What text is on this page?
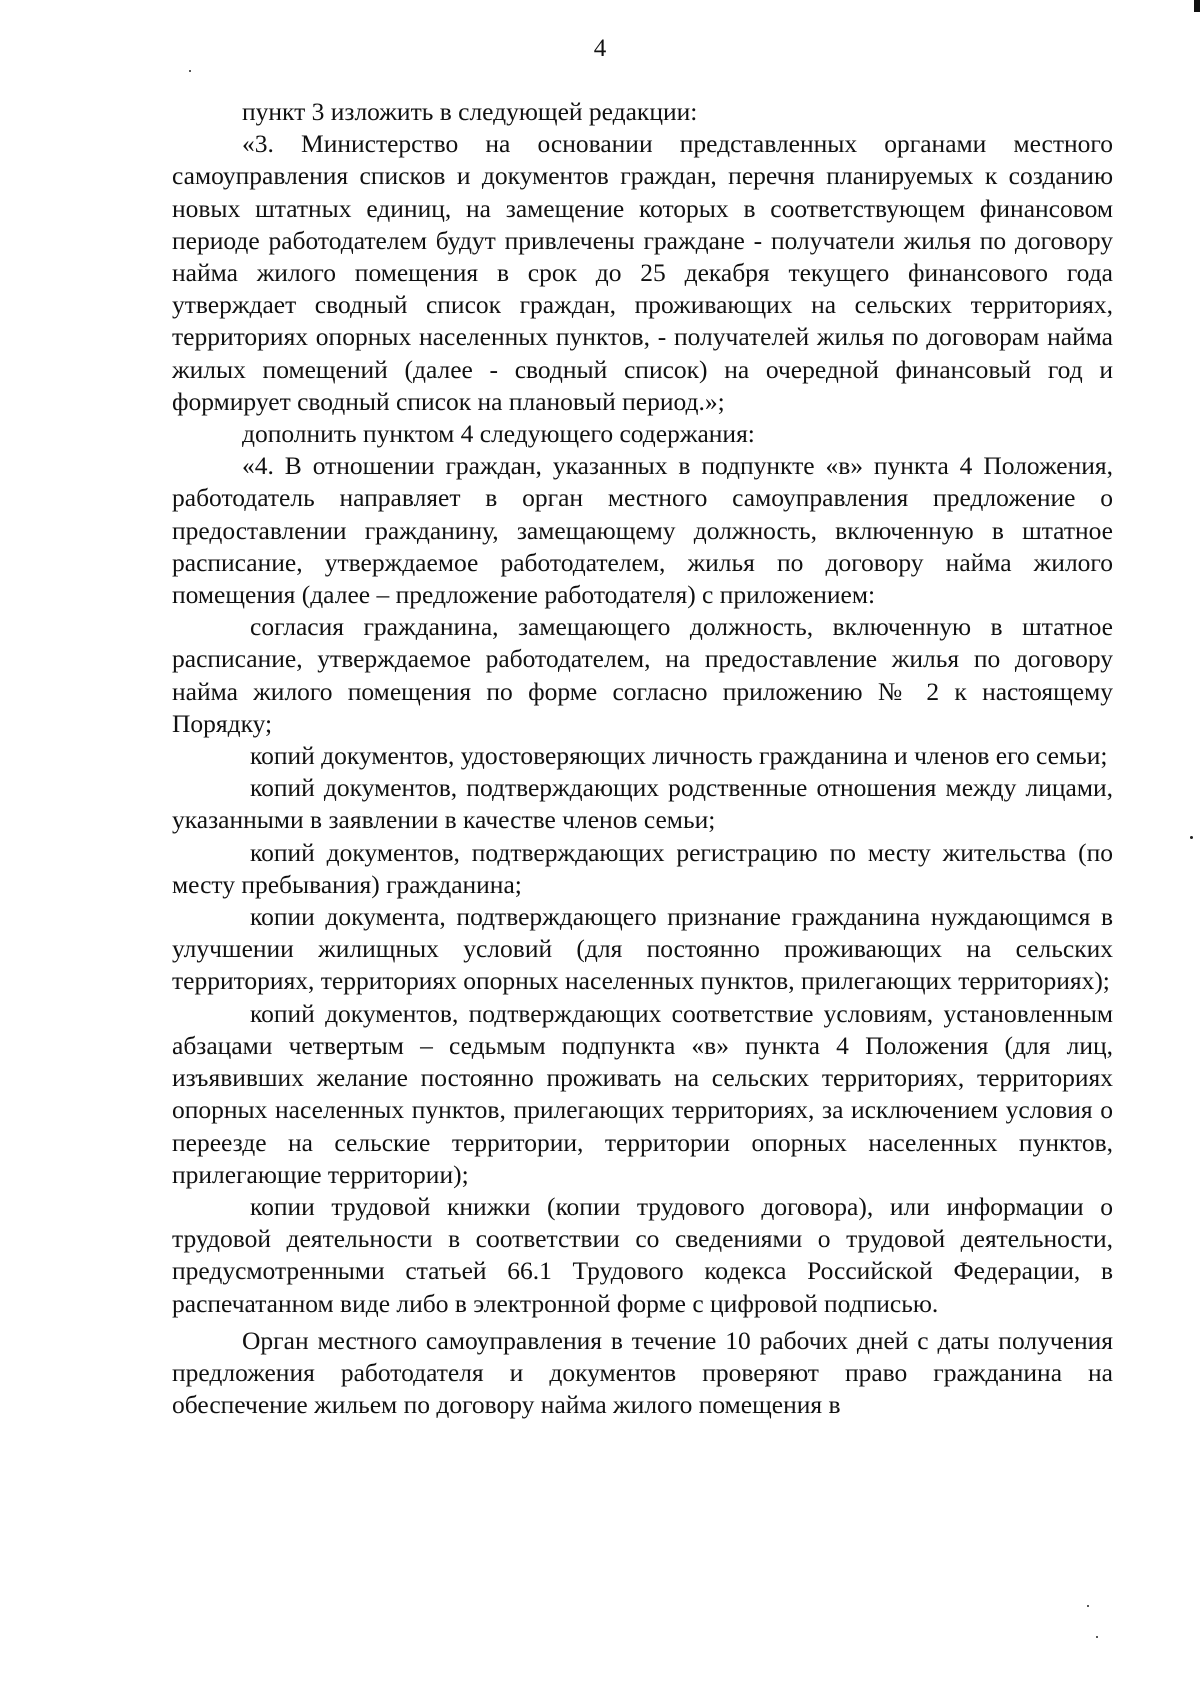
4

пункт 3 изложить в следующей редакции:

«3. Министерство на основании представленных органами местного самоуправления списков и документов граждан, перечня планируемых к созданию новых штатных единиц, на замещение которых в соответствующем финансовом периоде работодателем будут привлечены граждане - получатели жилья по договору найма жилого помещения в срок до 25 декабря текущего финансового года утверждает сводный список граждан, проживающих на сельских территориях, территориях опорных населенных пунктов, - получателей жилья по договорам найма жилых помещений (далее - сводный список) на очередной финансовый год и формирует сводный список на плановый период.»;

дополнить пунктом 4 следующего содержания:

«4. В отношении граждан, указанных в подпункте «в» пункта 4 Положения, работодатель направляет в орган местного самоуправления предложение о предоставлении гражданину, замещающему должность, включенную в штатное расписание, утверждаемое работодателем, жилья по договору найма жилого помещения (далее – предложение работодателя) с приложением:

согласия гражданина, замещающего должность, включенную в штатное расписание, утверждаемое работодателем, на предоставление жилья по договору найма жилого помещения по форме согласно приложению № 2 к настоящему Порядку;

копий документов, удостоверяющих личность гражданина и членов его семьи;

копий документов, подтверждающих родственные отношения между лицами, указанными в заявлении в качестве членов семьи;

копий документов, подтверждающих регистрацию по месту жительства (по месту пребывания) гражданина;

копии документа, подтверждающего признание гражданина нуждающимся в улучшении жилищных условий (для постоянно проживающих на сельских территориях, территориях опорных населенных пунктов, прилегающих территориях);

копий документов, подтверждающих соответствие условиям, установленным абзацами четвертым – седьмым подпункта «в» пункта 4 Положения (для лиц, изъявивших желание постоянно проживать на сельских территориях, территориях опорных населенных пунктов, прилегающих территориях, за исключением условия о переезде на сельские территории, территории опорных населенных пунктов, прилегающие территории);

копии трудовой книжки (копии трудового договора), или информации о трудовой деятельности в соответствии со сведениями о трудовой деятельности, предусмотренными статьей 66.1 Трудового кодекса Российской Федерации, в распечатанном виде либо в электронной форме с цифровой подписью.

Орган местного самоуправления в течение 10 рабочих дней с даты получения предложения работодателя и документов проверяют право гражданина на обеспечение жильем по договору найма жилого помещения в
